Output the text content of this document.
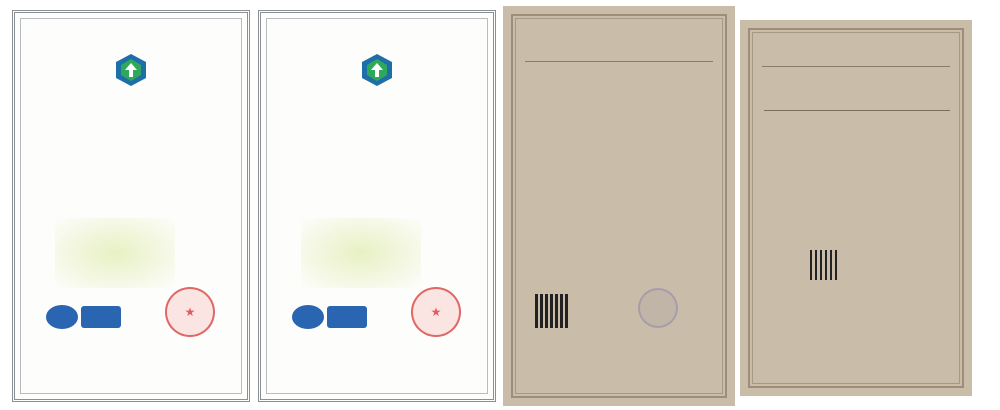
★	★
